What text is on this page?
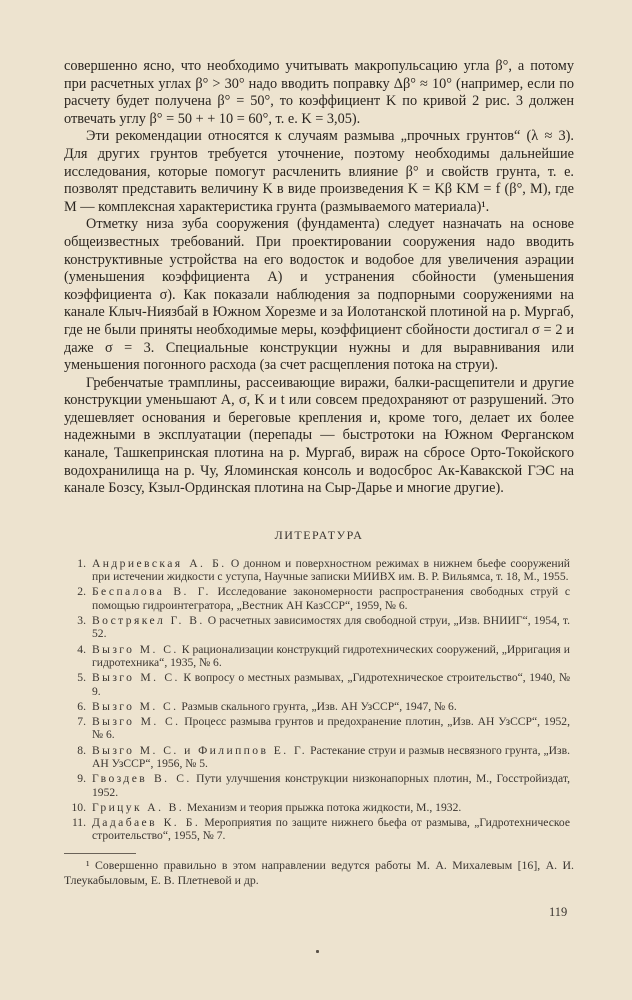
совершенно ясно, что необходимо учитывать макропульсацию угла β°, а потому при расчетных углах β° > 30° надо вводить поправку Δβ° ≈ 10° (например, если по расчету будет получена β° = 50°, то коэффициент K по кривой 2 рис. 3 должен отвечать углу β° = 50 + + 10 = 60°, т. е. K = 3,05).

Эти рекомендации относятся к случаям размыва „прочных грунтов“ (λ ≈ 3). Для других грунтов требуется уточнение, поэтому необходимы дальнейшие исследования, которые помогут расчленить влияние β° и свойств грунта, т. е. позволят представить величину K в виде произведения K = Kβ KM = f (β°, M), где M — комплексная характеристика грунта (размываемого материала)¹.

Отметку низа зуба сооружения (фундамента) следует назначать на основе общеизвестных требований. При проектировании сооружения надо вводить конструктивные устройства на его водосток и водобое для увеличения аэрации (уменьшения коэффициента A) и устранения сбойности (уменьшения коэффициента σ). Как показали наблюдения за подпорными сооружениями на канале Клыч-Ниязбай в Южном Хорезме и за Иолотанской плотиной на р. Мургаб, где не были приняты необходимые меры, коэффициент сбойности достигал σ = 2 и даже σ = 3. Специальные конструкции нужны и для выравнивания или уменьшения погонного расхода (за счет расщепления потока на струи).

Гребенчатые трамплины, рассеивающие виражи, балки-расщепители и другие конструкции уменьшают A, σ, K и t или совсем предохраняют от разрушений. Это удешевляет основания и береговые крепления и, кроме того, делает их более надежными в эксплуатации (перепады — быстротоки на Южном Ферганском канале, Ташкепринская плотина на р. Мургаб, вираж на сбросе Орто-Токойского водохранилища на р. Чу, Яломинская консоль и водосброс Ак-Кавакской ГЭС на канале Бозсу, Кзыл-Ординская плотина на Сыр-Дарье и многие другие).

ЛИТЕРАТУРА
1. Андриевская А. Б. О донном и поверхностном режимах в нижнем бьефе сооружений при истечении жидкости с уступа, Научные записки МИИВХ им. В. Р. Вильямса, т. 18, М., 1955.
2. Беспалова В. Г. Исследование закономерности распространения свободных струй с помощью гидроинтегратора, „Вестник АН КазССР“, 1959, № 6.
3. Вострякел Г. В. О расчетных зависимостях для свободной струи, „Изв. ВНИИГ“, 1954, т. 52.
4. Вызго М. С. К рационализации конструкций гидротехнических сооружений, „Ирригация и гидротехника“, 1935, № 6.
5. Вызго М. С. К вопросу о местных размывах, „Гидротехническое строительство“, 1940, № 9.
6. Вызго М. С. Размыв скального грунта, „Изв. АН УзССР“, 1947, № 6.
7. Вызго М. С. Процесс размыва грунтов и предохранение плотин, „Изв. АН УзССР“, 1952, № 6.
8. Вызго М. С. и Филиппов Е. Г. Растекание струи и размыв несвязного грунта, „Изв. АН УзССР“, 1956, № 5.
9. Гвоздев В. С. Пути улучшения конструкции низконапорных плотин, М., Госстройиздат, 1952.
10. Грицук А. В. Механизм и теория прыжка потока жидкости, М., 1932.
11. Дадабаев К. Б. Мероприятия по защите нижнего бьефа от размыва, „Гидротехническое строительство“, 1955, № 7.
¹ Совершенно правильно в этом направлении ведутся работы М. А. Михалевым [16], А. И. Тлеукабыловым, Е. В. Плетневой и др.
119
